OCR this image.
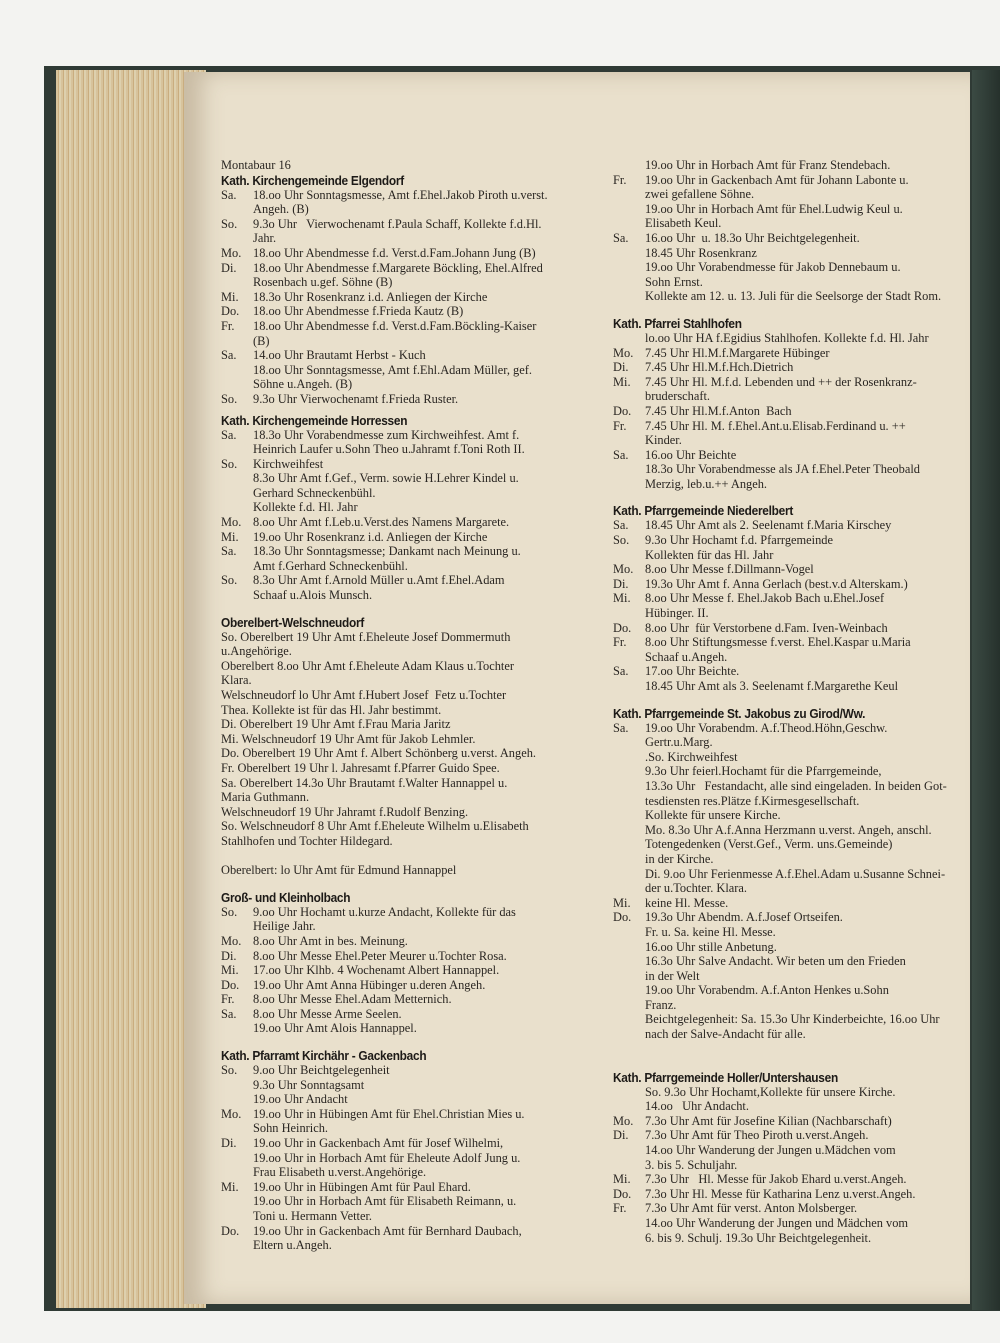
Montabaur 16
Kath. Kirchengemeinde Elgendorf
Sa.	18.oo Uhr Sonntagsmesse, Amt f.Ehel.Jakob Piroth u.verst.
Angeh. (B)
So.	9.3o Uhr   Vierwochenamt f.Paula Schaff, Kollekte f.d.Hl.
Jahr.
Mo. 18.oo Uhr Abendmesse f.d. Verst.d.Fam.Johann Jung (B)
Di.	18.oo Uhr Abendmesse f.Margarete Böckling, Ehel.Alfred
Rosenbach u.gef. Söhne (B)
Mi.	18.3o Uhr Rosenkranz i.d. Anliegen der Kirche
Do.	18.oo Uhr Abendmesse f.Frieda Kautz (B)
Fr.	18.oo Uhr Abendmesse f.d. Verst.d.Fam.Böckling-Kaiser
(B)
Sa.	14.oo Uhr Brautamt Herbst - Kuch
18.oo Uhr Sonntagsmesse, Amt f.Ehl.Adam Müller, gef.
Söhne u.Angeh. (B)
So.	9.3o Uhr Vierwochenamt f.Frieda Ruster.
Kath. Kirchengemeinde Horressen
Sa.	18.3o Uhr Vorabendmesse zum Kirchweihfest. Amt f.
Heinrich Laufer u.Sohn Theo u.Jahramt f.Toni Roth II.
So.	Kirchweihfest
8.3o Uhr Amt f.Gef., Verm. sowie H.Lehrer Kindel u.
Gerhard Schneckenbühl.
Kollekte f.d. Hl. Jahr
Mo. 8.oo Uhr Amt f.Leb.u.Verst.des Namens Margarete.
Mi.	19.oo Uhr Rosenkranz i.d. Anliegen der Kirche
Sa.	18.3o Uhr Sonntagsmesse; Dankamt nach Meinung u.
Amt f.Gerhard Schneckenbühl.
So.	8.3o Uhr Amt f.Arnold Müller u.Amt f.Ehel.Adam
Schaaf u.Alois Munsch.
Oberelbert-Welschneudorf
So. Oberelbert 19 Uhr Amt f.Eheleute Josef Dommermuth
u.Angehörige.
Oberelbert 8.oo Uhr Amt f.Eheleute Adam Klaus u.Tochter
Klara.
Welschneudorf lo Uhr Amt f.Hubert Josef  Fetz u.Tochter
Thea. Kollekte ist für das Hl. Jahr bestimmt.
Di. Oberelbert 19 Uhr Amt f.Frau Maria Jaritz
Mi. Welschneudorf 19 Uhr Amt für Jakob Lehmler.
Do. Oberelbert 19 Uhr Amt f. Albert Schönberg u.verst. Angeh.
Fr. Oberelbert 19 Uhr l. Jahresamt f.Pfarrer Guido Spee.
Sa. Oberelbert 14.3o Uhr Brautamt f.Walter Hannappel u.
Maria Guthmann.
Welschneudorf 19 Uhr Jahramt f.Rudolf Benzing.
So. Welschneudorf 8 Uhr Amt f.Eheleute Wilhelm u.Elisabeth
Stahlhofen und Tochter Hildegard.

Oberelbert: lo Uhr Amt für Edmund Hannappel
Groß- und Kleinholbach
So.	9.oo Uhr Hochamt u.kurze Andacht, Kollekte für das
Heilige Jahr.
Mo. 8.oo Uhr Amt in bes. Meinung.
Di.	8.oo Uhr Messe Ehel.Peter Meurer u.Tochter Rosa.
Mi.	17.oo Uhr Klhb. 4 Wochenamt Albert Hannappel.
Do.	19.oo Uhr Amt Anna Hübinger u.deren Angeh.
Fr.	8.oo Uhr Messe Ehel.Adam Metternich.
Sa.	8.oo Uhr Messe Arme Seelen.
19.oo Uhr Amt Alois Hannappel.
Kath. Pfarramt Kirchähr - Gackenbach
So.	9.oo Uhr Beichtgelegenheit
9.3o Uhr Sonntagsamt
19.oo Uhr Andacht
Mo. 19.oo Uhr in Hübingen Amt für Ehel.Christian Mies u.
Sohn Heinrich.
Di.	19.oo Uhr in Gackenbach Amt für Josef Wilhelmi,
19.oo Uhr in Horbach Amt für Eheleute Adolf Jung u.
Frau Elisabeth u.verst.Angehörige.
Mi.	19.oo Uhr in Hübingen Amt für Paul Ehard.
19.oo Uhr in Horbach Amt für Elisabeth Reimann, u.
Toni u. Hermann Vetter.
Do.	19.oo Uhr in Gackenbach Amt für Bernhard Daubach,
Eltern u.Angeh.
19.oo Uhr in Horbach Amt für Franz Stendebach.
Fr.	19.oo Uhr in Gackenbach Amt für Johann Labonte u.
zwei gefallene Söhne.
19.oo Uhr in Horbach Amt für Ehel.Ludwig Keul u.
Elisabeth Keul.
Sa.	16.oo Uhr  u. 18.3o Uhr Beichtgelegenheit.
18.45 Uhr Rosenkranz
19.oo Uhr Vorabendmesse für Jakob Dennebaum u.
Sohn Ernst.
Kollekte am 12. u. 13. Juli für die Seelsorge der Stadt Rom.
Kath. Pfarrei Stahlhofen
lo.oo Uhr HA f.Egidius Stahlhofen. Kollekte f.d. Hl. Jahr
Mo. 7.45 Uhr Hl.M.f.Margarete Hübinger
Di.	7.45 Uhr Hl.M.f.Hch.Dietrich
Mi.	7.45 Uhr Hl. M.f.d. Lebenden und ++ der Rosenkranz-
bruderschaft.
Do.	7.45 Uhr Hl.M.f.Anton  Bach
Fr.	7.45 Uhr Hl. M. f.Ehel.Ant.u.Elisab.Ferdinand u. ++
Kinder.
Sa.	16.oo Uhr Beichte
18.3o Uhr Vorabendmesse als JA f.Ehel.Peter Theobald
Merzig, leb.u.++ Angeh.
Kath. Pfarrgemeinde Niederelbert
Sa.	18.45 Uhr Amt als 2. Seelenamt f.Maria Kirschey
So.	9.3o Uhr Hochamt f.d. Pfarrgemeinde
Kollekten für das Hl. Jahr
Mo. 8.oo Uhr Messe f.Dillmann-Vogel
Di.	19.3o Uhr Amt f. Anna Gerlach (best.v.d Alterskam.)
Mi.	8.oo Uhr Messe f. Ehel.Jakob Bach u.Ehel.Josef
Hübinger. II.
Do.	8.oo Uhr  für Verstorbene d.Fam. Iven-Weinbach
Fr.	8.oo Uhr Stiftungsmesse f.verst. Ehel.Kaspar u.Maria
Schaaf u.Angeh.
Sa.	17.oo Uhr Beichte.
18.45 Uhr Amt als 3. Seelenamt f.Margarethe Keul
Kath. Pfarrgemeinde St. Jakobus zu Girod/Ww.
Sa.	19.oo Uhr Vorabendm. A.f.Theod.Höhn,Geschw.
Gertr.u.Marg.
.So. Kirchweihfest
9.3o Uhr feierl.Hochamt für die Pfarrgemeinde,
13.3o Uhr   Festandacht, alle sind eingeladen. In beiden Got-
tesdiensten res.Plätze f.Kirmesgesellschaft.
Kollekte für unsere Kirche.
Mo. 8.3o Uhr A.f.Anna Herzmann u.verst. Angeh, anschl.
Totengedenken (Verst.Gef., Verm. uns.Gemeinde)
in der Kirche.
Di. 9.oo Uhr Ferienmesse A.f.Ehel.Adam u.Susanne Schnei-
der u.Tochter. Klara.
Mi.	keine Hl. Messe.
Do.	19.3o Uhr Abendm. A.f.Josef Ortseifen.
Fr. u. Sa. keine Hl. Messe.
16.oo Uhr stille Anbetung.
16.3o Uhr Salve Andacht. Wir beten um den Frieden
in der Welt
19.oo Uhr Vorabendm. A.f.Anton Henkes u.Sohn
Franz.
Beichtgelegenheit: Sa. 15.3o Uhr Kinderbeichte, 16.oo Uhr
nach der Salve-Andacht für alle.
Kath. Pfarrgemeinde Holler/Untershausen
So. 9.3o Uhr Hochamt,Kollekte für unsere Kirche.
14.oo   Uhr Andacht.
Mo. 7.3o Uhr Amt für Josefine Kilian (Nachbarschaft)
Di.	7.3o Uhr Amt für Theo Piroth u.verst.Angeh.
14.oo Uhr Wanderung der Jungen u.Mädchen vom
3. bis 5. Schuljahr.
Mi.	7.3o Uhr   Hl. Messe für Jakob Ehard u.verst.Angeh.
Do.	7.3o Uhr Hl. Messe für Katharina Lenz u.verst.Angeh.
Fr.	7.3o Uhr Amt für verst. Anton Molsberger.
14.oo Uhr Wanderung der Jungen und Mädchen vom
6. bis 9. Schulj. 19.3o Uhr Beichtgelegenheit.
